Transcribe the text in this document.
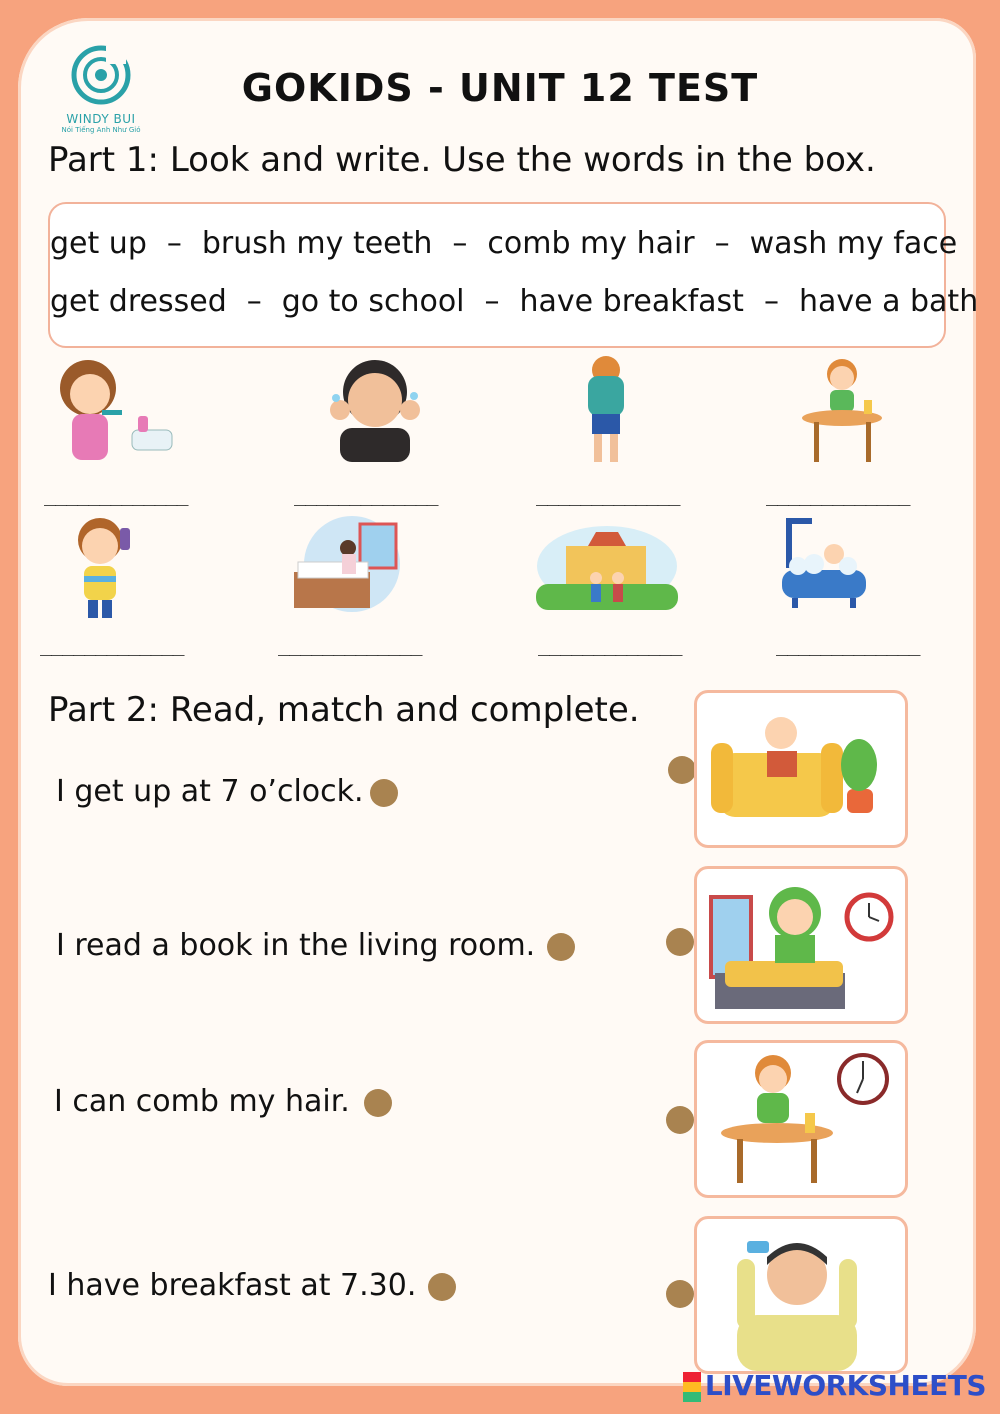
WINDY BUI
Nói Tiếng Anh Như Gió
GOKIDS - UNIT 12 TEST
Part 1: Look and write. Use the words in the box.
get up – brush my teeth – comb my hair – wash my face
get dressed – go to school – have breakfast – have a bath
_____________	_____________	_____________	_____________
_____________	_____________	_____________	_____________
Part 2: Read, match and complete.
I get up at 7 o’clock.
I read a book in the living room.
I can comb my hair.
I have breakfast at 7.30.
LIVEWORKSHEETS
